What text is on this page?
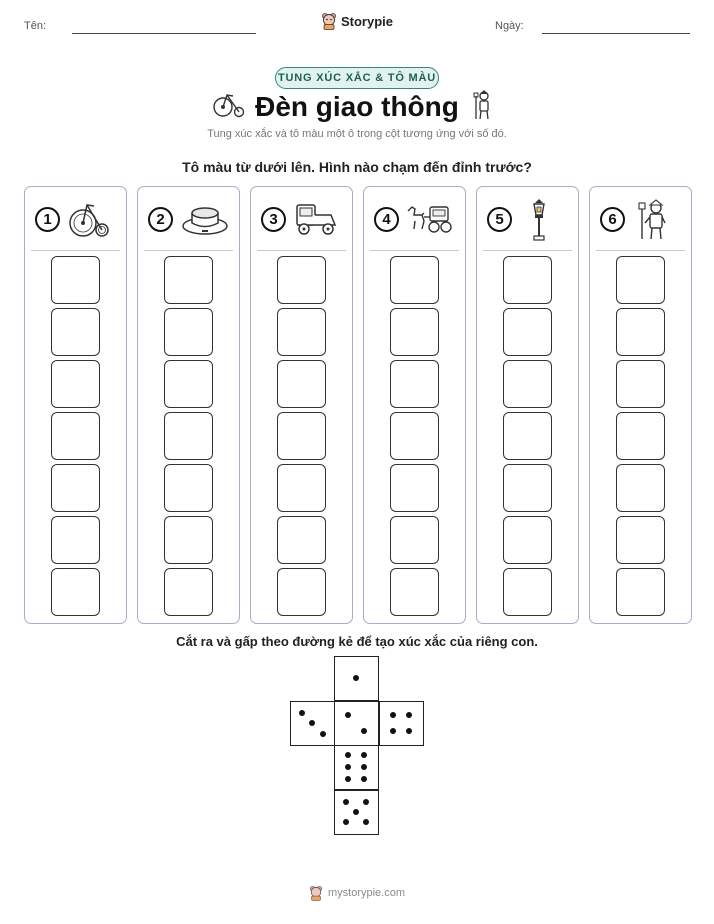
Tên:	Ngày:
Storypie
TUNG XÚC XẮC & TÔ MÀU
Đèn giao thông
Tung xúc xắc và tô màu một ô trong cột tương ứng với số đó.
Tô màu từ dưới lên. Hình nào chạm đến đỉnh trước?
1	2	3	4	5	6
Cắt ra và gấp theo đường kẻ để tạo xúc xắc của riêng con.
mystorypie.com
